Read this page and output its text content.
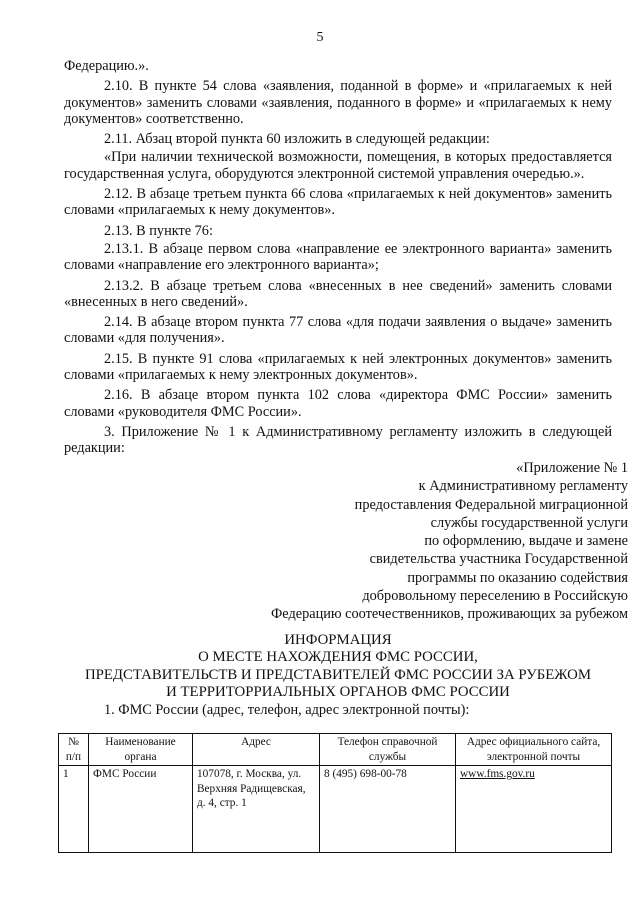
5

Федерацию.».

2.10. В пункте 54 слова «заявления, поданной в форме» и «прилагаемых к ней документов» заменить словами «заявления, поданного в форме» и «прилагаемых к нему документов» соответственно.

2.11. Абзац второй пункта 60 изложить в следующей редакции:

«При наличии технической возможности, помещения, в которых предоставляется государственная услуга, оборудуются электронной системой управления очередью.».

2.12. В абзаце третьем пункта 66 слова «прилагаемых к ней документов» заменить словами «прилагаемых к нему документов».

2.13. В пункте 76:

2.13.1. В абзаце первом слова «направление ее электронного варианта» заменить словами «направление его электронного варианта»;

2.13.2. В абзаце третьем слова «внесенных в нее сведений» заменить словами «внесенных в него сведений».

2.14. В абзаце втором пункта 77 слова «для подачи заявления о выдаче» заменить словами «для получения».

2.15. В пункте 91 слова «прилагаемых к ней электронных документов» заменить словами «прилагаемых к нему электронных документов».

2.16. В абзаце втором пункта 102 слова «директора ФМС России» заменить словами «руководителя ФМС России».

3. Приложение № 1 к Административному регламенту изложить в следующей редакции:

«Приложение № 1
к Административному регламенту
предоставления Федеральной миграционной
службы государственной услуги
по оформлению, выдаче и замене
свидетельства участника Государственной
программы по оказанию содействия
добровольному переселению в Российскую
Федерацию соотечественников, проживающих за рубежом
ИНФОРМАЦИЯ
О МЕСТЕ НАХОЖДЕНИЯ ФМС РОССИИ,
ПРЕДСТАВИТЕЛЬСТВ И ПРЕДСТАВИТЕЛЕЙ ФМС РОССИИ ЗА РУБЕЖОМ
И ТЕРРИТОРРИАЛЬНЫХ ОРГАНОВ ФМС РОССИИ
1. ФМС России (адрес, телефон, адрес электронной почты):
№ п/п	Наименование органа	Адрес	Телефон справочной службы	Адрес официального сайта, электронной почты
1	ФМС России	107078, г. Москва, ул. Верхняя Радищевская, д. 4, стр. 1	8 (495) 698-00-78	www.fms.gov.ru
